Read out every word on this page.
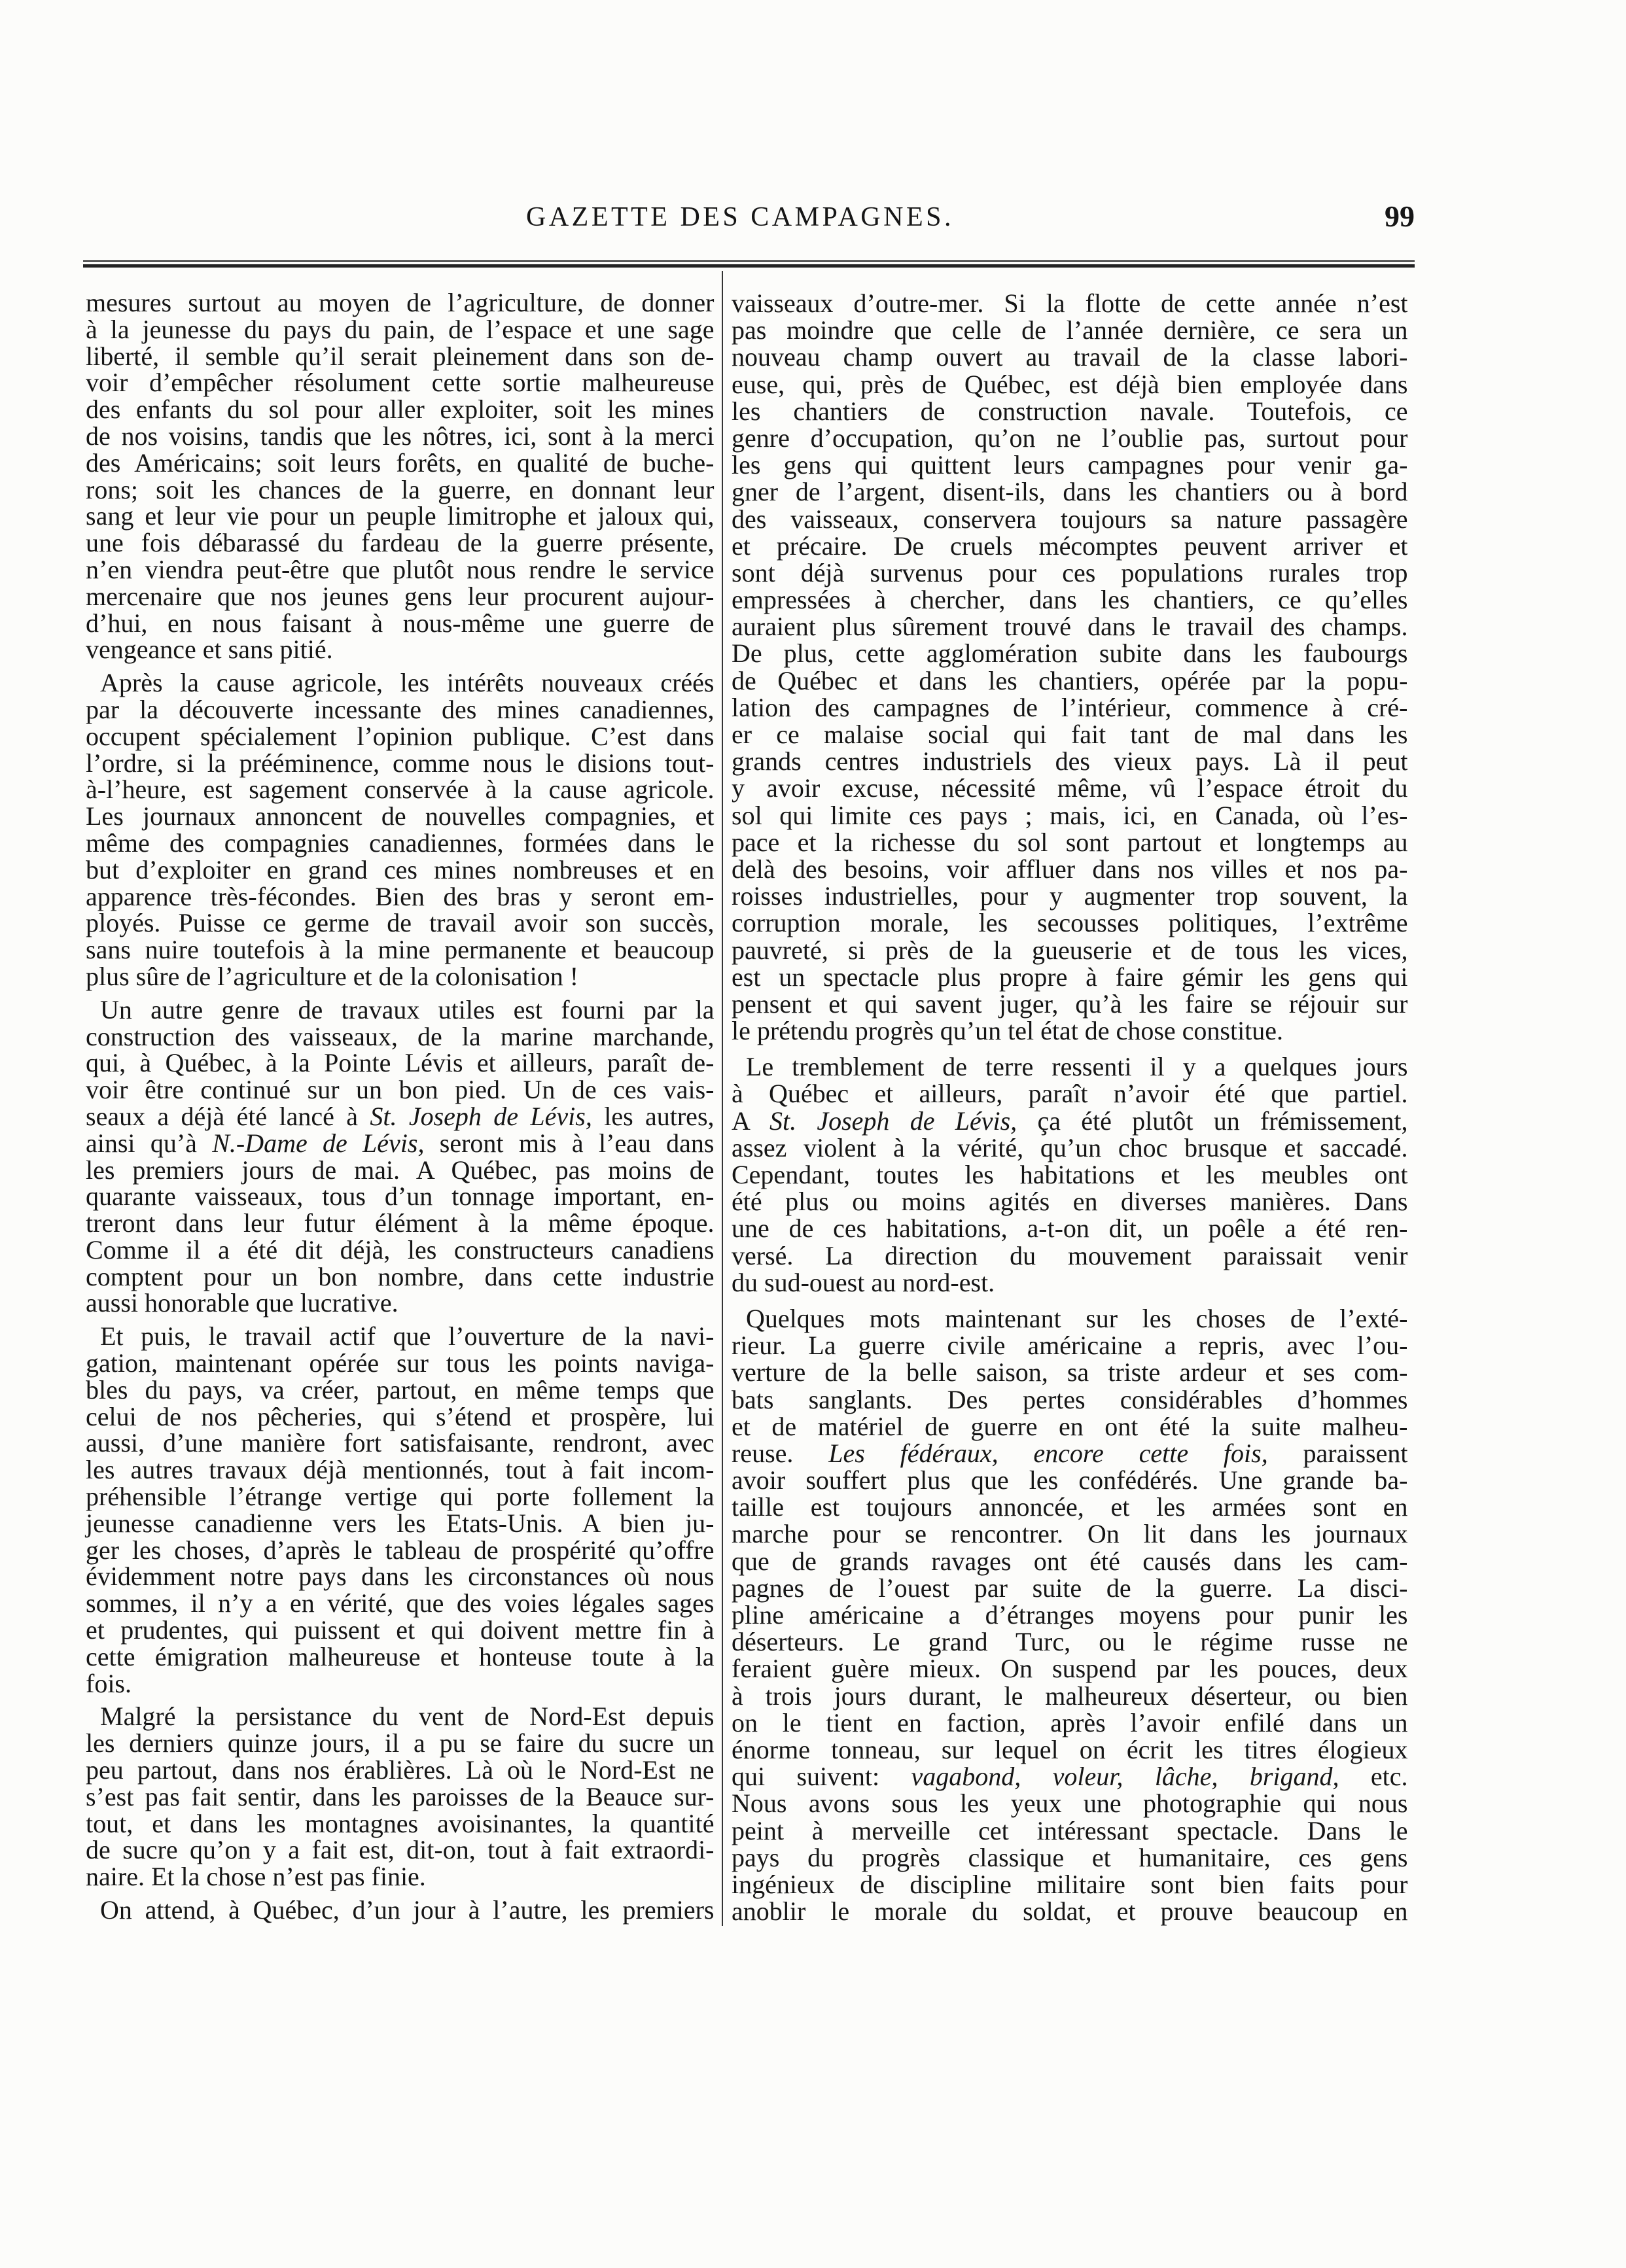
GAZETTE DES CAMPAGNES.	99
mesures surtout au moyen de l’agriculture, de donner
à la jeunesse du pays du pain, de l’espace et une sage
liberté, il semble qu’il serait pleinement dans son de-
voir d’empêcher résolument cette sortie malheureuse
des enfants du sol pour aller exploiter, soit les mines
de nos voisins, tandis que les nôtres, ici, sont à la merci
des Américains; soit leurs forêts, en qualité de buche-
rons; soit les chances de la guerre, en donnant leur
sang et leur vie pour un peuple limitrophe et jaloux qui,
une fois débarassé du fardeau de la guerre présente,
n’en viendra peut-être que plutôt nous rendre le service
mercenaire que nos jeunes gens leur procurent aujour-
d’hui, en nous faisant à nous-même une guerre de
vengeance et sans pitié.
Après la cause agricole, les intérêts nouveaux créés
par la découverte incessante des mines canadiennes,
occupent spécialement l’opinion publique. C’est dans
l’ordre, si la prééminence, comme nous le disions tout-
à-l’heure, est sagement conservée à la cause agricole.
Les journaux annoncent de nouvelles compagnies, et
même des compagnies canadiennes, formées dans le
but d’exploiter en grand ces mines nombreuses et en
apparence très-fécondes. Bien des bras y seront em-
ployés. Puisse ce germe de travail avoir son succès,
sans nuire toutefois à la mine permanente et beaucoup
plus sûre de l’agriculture et de la colonisation !
Un autre genre de travaux utiles est fourni par la
construction des vaisseaux, de la marine marchande,
qui, à Québec, à la Pointe Lévis et ailleurs, paraît de-
voir être continué sur un bon pied. Un de ces vais-
seaux a déjà été lancé à St. Joseph de Lévis, les autres,
ainsi qu’à N.-Dame de Lévis, seront mis à l’eau dans
les premiers jours de mai. A Québec, pas moins de
quarante vaisseaux, tous d’un tonnage important, en-
treront dans leur futur élément à la même époque.
Comme il a été dit déjà, les constructeurs canadiens
comptent pour un bon nombre, dans cette industrie
aussi honorable que lucrative.
Et puis, le travail actif que l’ouverture de la navi-
gation, maintenant opérée sur tous les points naviga-
bles du pays, va créer, partout, en même temps que
celui de nos pêcheries, qui s’étend et prospère, lui
aussi, d’une manière fort satisfaisante, rendront, avec
les autres travaux déjà mentionnés, tout à fait incom-
préhensible l’étrange vertige qui porte follement la
jeunesse canadienne vers les Etats-Unis. A bien ju-
ger les choses, d’après le tableau de prospérité qu’offre
évidemment notre pays dans les circonstances où nous
sommes, il n’y a en vérité, que des voies légales sages
et prudentes, qui puissent et qui doivent mettre fin à
cette émigration malheureuse et honteuse toute à la
fois.
Malgré la persistance du vent de Nord-Est depuis
les derniers quinze jours, il a pu se faire du sucre un
peu partout, dans nos érablières. Là où le Nord-Est ne
s’est pas fait sentir, dans les paroisses de la Beauce sur-
tout, et dans les montagnes avoisinantes, la quantité
de sucre qu’on y a fait est, dit-on, tout à fait extraordi-
naire. Et la chose n’est pas finie.
On attend, à Québec, d’un jour à l’autre, les premiers
vaisseaux d’outre-mer. Si la flotte de cette année n’est
pas moindre que celle de l’année dernière, ce sera un
nouveau champ ouvert au travail de la classe labori-
euse, qui, près de Québec, est déjà bien employée dans
les chantiers de construction navale. Toutefois, ce
genre d’occupation, qu’on ne l’oublie pas, surtout pour
les gens qui quittent leurs campagnes pour venir ga-
gner de l’argent, disent-ils, dans les chantiers ou à bord
des vaisseaux, conservera toujours sa nature passagère
et précaire. De cruels mécomptes peuvent arriver et
sont déjà survenus pour ces populations rurales trop
empressées à chercher, dans les chantiers, ce qu’elles
auraient plus sûrement trouvé dans le travail des champs.
De plus, cette agglomération subite dans les faubourgs
de Québec et dans les chantiers, opérée par la popu-
lation des campagnes de l’intérieur, commence à cré-
er ce malaise social qui fait tant de mal dans les
grands centres industriels des vieux pays. Là il peut
y avoir excuse, nécessité même, vû l’espace étroit du
sol qui limite ces pays ; mais, ici, en Canada, où l’es-
pace et la richesse du sol sont partout et longtemps au
delà des besoins, voir affluer dans nos villes et nos pa-
roisses industrielles, pour y augmenter trop souvent, la
corruption morale, les secousses politiques, l’extrême
pauvreté, si près de la gueuserie et de tous les vices,
est un spectacle plus propre à faire gémir les gens qui
pensent et qui savent juger, qu’à les faire se réjouir sur
le prétendu progrès qu’un tel état de chose constitue.
Le tremblement de terre ressenti il y a quelques jours
à Québec et ailleurs, paraît n’avoir été que partiel.
A St. Joseph de Lévis, ça été plutôt un frémissement,
assez violent à la vérité, qu’un choc brusque et saccadé.
Cependant, toutes les habitations et les meubles ont
été plus ou moins agités en diverses manières. Dans
une de ces habitations, a-t-on dit, un poêle a été ren-
versé. La direction du mouvement paraissait venir
du sud-ouest au nord-est.
Quelques mots maintenant sur les choses de l’exté-
rieur. La guerre civile américaine a repris, avec l’ou-
verture de la belle saison, sa triste ardeur et ses com-
bats sanglants. Des pertes considérables d’hommes
et de matériel de guerre en ont été la suite malheu-
reuse. Les fédéraux, encore cette fois, paraissent
avoir souffert plus que les confédérés. Une grande ba-
taille est toujours annoncée, et les armées sont en
marche pour se rencontrer. On lit dans les journaux
que de grands ravages ont été causés dans les cam-
pagnes de l’ouest par suite de la guerre. La disci-
pline américaine a d’étranges moyens pour punir les
déserteurs. Le grand Turc, ou le régime russe ne
feraient guère mieux. On suspend par les pouces, deux
à trois jours durant, le malheureux déserteur, ou bien
on le tient en faction, après l’avoir enfilé dans un
énorme tonneau, sur lequel on écrit les titres élogieux
qui suivent: vagabond, voleur, lâche, brigand, etc.
Nous avons sous les yeux une photographie qui nous
peint à merveille cet intéressant spectacle. Dans le
pays du progrès classique et humanitaire, ces gens
ingénieux de discipline militaire sont bien faits pour
anoblir le morale du soldat, et prouve beaucoup en
